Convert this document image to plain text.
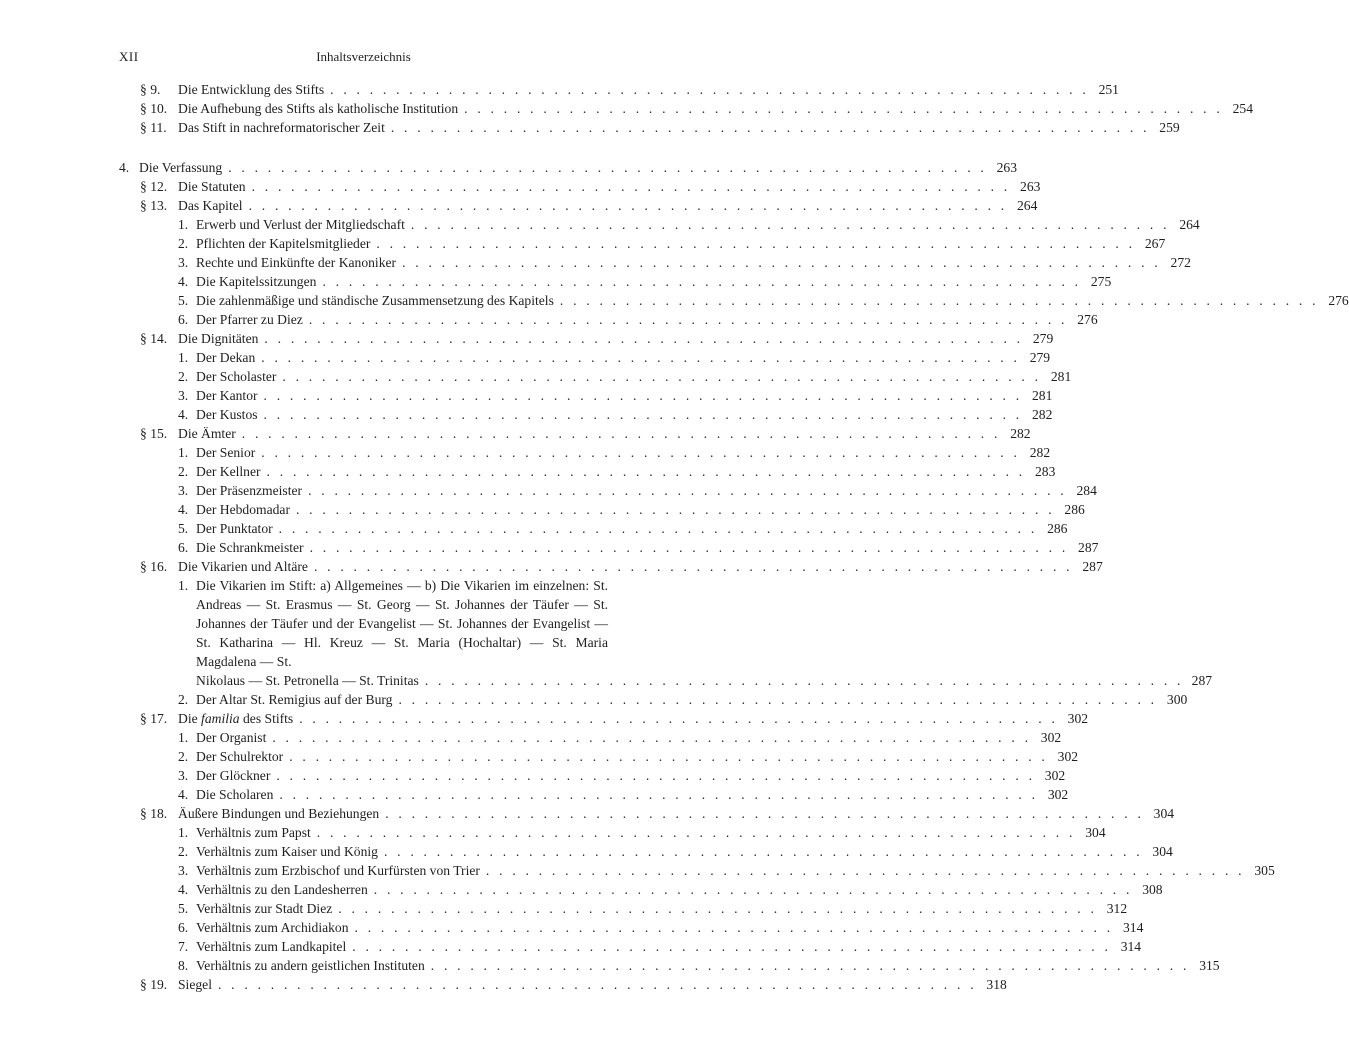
XII	Inhaltsverzeichnis
§ 9. Die Entwicklung des Stifts . . . . . . . . . . . . . . . . . . . . . . . . . . . . . . . . . . . . . . . . . . . . . . . . . . . . . . . . . . 251
§ 10. Die Aufhebung des Stifts als katholische Institution . . . . . . . . . . . . . . . . . . . . . . . . . . . . . . . . . . . . . . . . . . . . . . . . . . . . . . . . . . 254
§ 11. Das Stift in nachreformatorischer Zeit . . . . . . . . . . . . . . . . . . . . . . . . . . . . . . . . . . . . . . . . . . . . . . . . . . . . . . . . . . 259
4. Die Verfassung . . . . . . . . . . . . . . . . . . . . . . . . . . . . . . . . . . . . . . . . . . . . . . . . . . . . . . . . . . 263
§ 12. Die Statuten . . . . . . . . . . . . . . . . . . . . . . . . . . . . . . . . . . . . . . . . . . . . . . . . . . . . . . . . . . 263
§ 13. Das Kapitel . . . . . . . . . . . . . . . . . . . . . . . . . . . . . . . . . . . . . . . . . . . . . . . . . . . . . . . . . . 264
1. Erwerb und Verlust der Mitgliedschaft . . . . . . . . . . . . . . . . . . . . . . . . . . . . . . . . . . . . . . . . . . . . . . . . . . . . . . . . . . 264
2. Pflichten der Kapitelsmitglieder . . . . . . . . . . . . . . . . . . . . . . . . . . . . . . . . . . . . . . . . . . . . . . . . . . . . . . . . . . 267
3. Rechte und Einkünfte der Kanoniker . . . . . . . . . . . . . . . . . . . . . . . . . . . . . . . . . . . . . . . . . . . . . . . . . . . . . . . . . . 272
4. Die Kapitelssitzungen . . . . . . . . . . . . . . . . . . . . . . . . . . . . . . . . . . . . . . . . . . . . . . . . . . . . . . . . . . 275
5. Die zahlenmäßige und ständische Zusammensetzung des Kapitels . . . . . . . . . . . . . . . . . . . . . . . . . . . . . . . . . . . . . . . . . . . . . . . . . . . . . . . . . . 276
6. Der Pfarrer zu Diez . . . . . . . . . . . . . . . . . . . . . . . . . . . . . . . . . . . . . . . . . . . . . . . . . . . . . . . . . . 276
§ 14. Die Dignitäten . . . . . . . . . . . . . . . . . . . . . . . . . . . . . . . . . . . . . . . . . . . . . . . . . . . . . . . . . . 279
1. Der Dekan . . . . . . . . . . . . . . . . . . . . . . . . . . . . . . . . . . . . . . . . . . . . . . . . . . . . . . . . . . 279
2. Der Scholaster . . . . . . . . . . . . . . . . . . . . . . . . . . . . . . . . . . . . . . . . . . . . . . . . . . . . . . . . . . 281
3. Der Kantor . . . . . . . . . . . . . . . . . . . . . . . . . . . . . . . . . . . . . . . . . . . . . . . . . . . . . . . . . . 281
4. Der Kustos . . . . . . . . . . . . . . . . . . . . . . . . . . . . . . . . . . . . . . . . . . . . . . . . . . . . . . . . . . 282
§ 15. Die Ämter . . . . . . . . . . . . . . . . . . . . . . . . . . . . . . . . . . . . . . . . . . . . . . . . . . . . . . . . . . 282
1. Der Senior . . . . . . . . . . . . . . . . . . . . . . . . . . . . . . . . . . . . . . . . . . . . . . . . . . . . . . . . . . 282
2. Der Kellner . . . . . . . . . . . . . . . . . . . . . . . . . . . . . . . . . . . . . . . . . . . . . . . . . . . . . . . . . . 283
3. Der Präsenzmeister . . . . . . . . . . . . . . . . . . . . . . . . . . . . . . . . . . . . . . . . . . . . . . . . . . . . . . . . . . 284
4. Der Hebdomadar . . . . . . . . . . . . . . . . . . . . . . . . . . . . . . . . . . . . . . . . . . . . . . . . . . . . . . . . . . 286
5. Der Punktator . . . . . . . . . . . . . . . . . . . . . . . . . . . . . . . . . . . . . . . . . . . . . . . . . . . . . . . . . . 286
6. Die Schrankmeister . . . . . . . . . . . . . . . . . . . . . . . . . . . . . . . . . . . . . . . . . . . . . . . . . . . . . . . . . . 287
§ 16. Die Vikarien und Altäre . . . . . . . . . . . . . . . . . . . . . . . . . . . . . . . . . . . . . . . . . . . . . . . . . . . . . . . . . . 287
1. Die Vikarien im Stift: a) Allgemeines — b) Die Vikarien im einzelnen: St. Andreas — St. Erasmus — St. Georg — St. Johannes der Täufer — St. Johannes der Täufer und der Evangelist — St. Johannes der Evangelist — St. Katharina — Hl. Kreuz — St. Maria (Hochaltar) — St. Maria Magdalena — St.
Nikolaus — St. Petronella — St. Trinitas . . . . . . . . . . . . . . . . . . . . . . . . . . . . . . . . . . . . . . . . . . . . . . . . . . . . . . . . . . 287
2. Der Altar St. Remigius auf der Burg . . . . . . . . . . . . . . . . . . . . . . . . . . . . . . . . . . . . . . . . . . . . . . . . . . . . . . . . . . 300
§ 17. Die familia des Stifts . . . . . . . . . . . . . . . . . . . . . . . . . . . . . . . . . . . . . . . . . . . . . . . . . . . . . . . . . . 302
1. Der Organist . . . . . . . . . . . . . . . . . . . . . . . . . . . . . . . . . . . . . . . . . . . . . . . . . . . . . . . . . . 302
2. Der Schulrektor . . . . . . . . . . . . . . . . . . . . . . . . . . . . . . . . . . . . . . . . . . . . . . . . . . . . . . . . . . 302
3. Der Glöckner . . . . . . . . . . . . . . . . . . . . . . . . . . . . . . . . . . . . . . . . . . . . . . . . . . . . . . . . . . 302
4. Die Scholaren . . . . . . . . . . . . . . . . . . . . . . . . . . . . . . . . . . . . . . . . . . . . . . . . . . . . . . . . . . 302
§ 18. Äußere Bindungen und Beziehungen . . . . . . . . . . . . . . . . . . . . . . . . . . . . . . . . . . . . . . . . . . . . . . . . . . . . . . . . . . 304
1. Verhältnis zum Papst . . . . . . . . . . . . . . . . . . . . . . . . . . . . . . . . . . . . . . . . . . . . . . . . . . . . . . . . . . 304
2. Verhältnis zum Kaiser und König . . . . . . . . . . . . . . . . . . . . . . . . . . . . . . . . . . . . . . . . . . . . . . . . . . . . . . . . . . 304
3. Verhältnis zum Erzbischof und Kurfürsten von Trier . . . . . . . . . . . . . . . . . . . . . . . . . . . . . . . . . . . . . . . . . . . . . . . . . . . . . . . . . . 305
4. Verhältnis zu den Landesherren . . . . . . . . . . . . . . . . . . . . . . . . . . . . . . . . . . . . . . . . . . . . . . . . . . . . . . . . . . 308
5. Verhältnis zur Stadt Diez . . . . . . . . . . . . . . . . . . . . . . . . . . . . . . . . . . . . . . . . . . . . . . . . . . . . . . . . . . 312
6. Verhältnis zum Archidiakon . . . . . . . . . . . . . . . . . . . . . . . . . . . . . . . . . . . . . . . . . . . . . . . . . . . . . . . . . . 314
7. Verhältnis zum Landkapitel . . . . . . . . . . . . . . . . . . . . . . . . . . . . . . . . . . . . . . . . . . . . . . . . . . . . . . . . . . 314
8. Verhältnis zu andern geistlichen Instituten . . . . . . . . . . . . . . . . . . . . . . . . . . . . . . . . . . . . . . . . . . . . . . . . . . . . . . . . . . 315
§ 19. Siegel . . . . . . . . . . . . . . . . . . . . . . . . . . . . . . . . . . . . . . . . . . . . . . . . . . . . . . . . . . 318
